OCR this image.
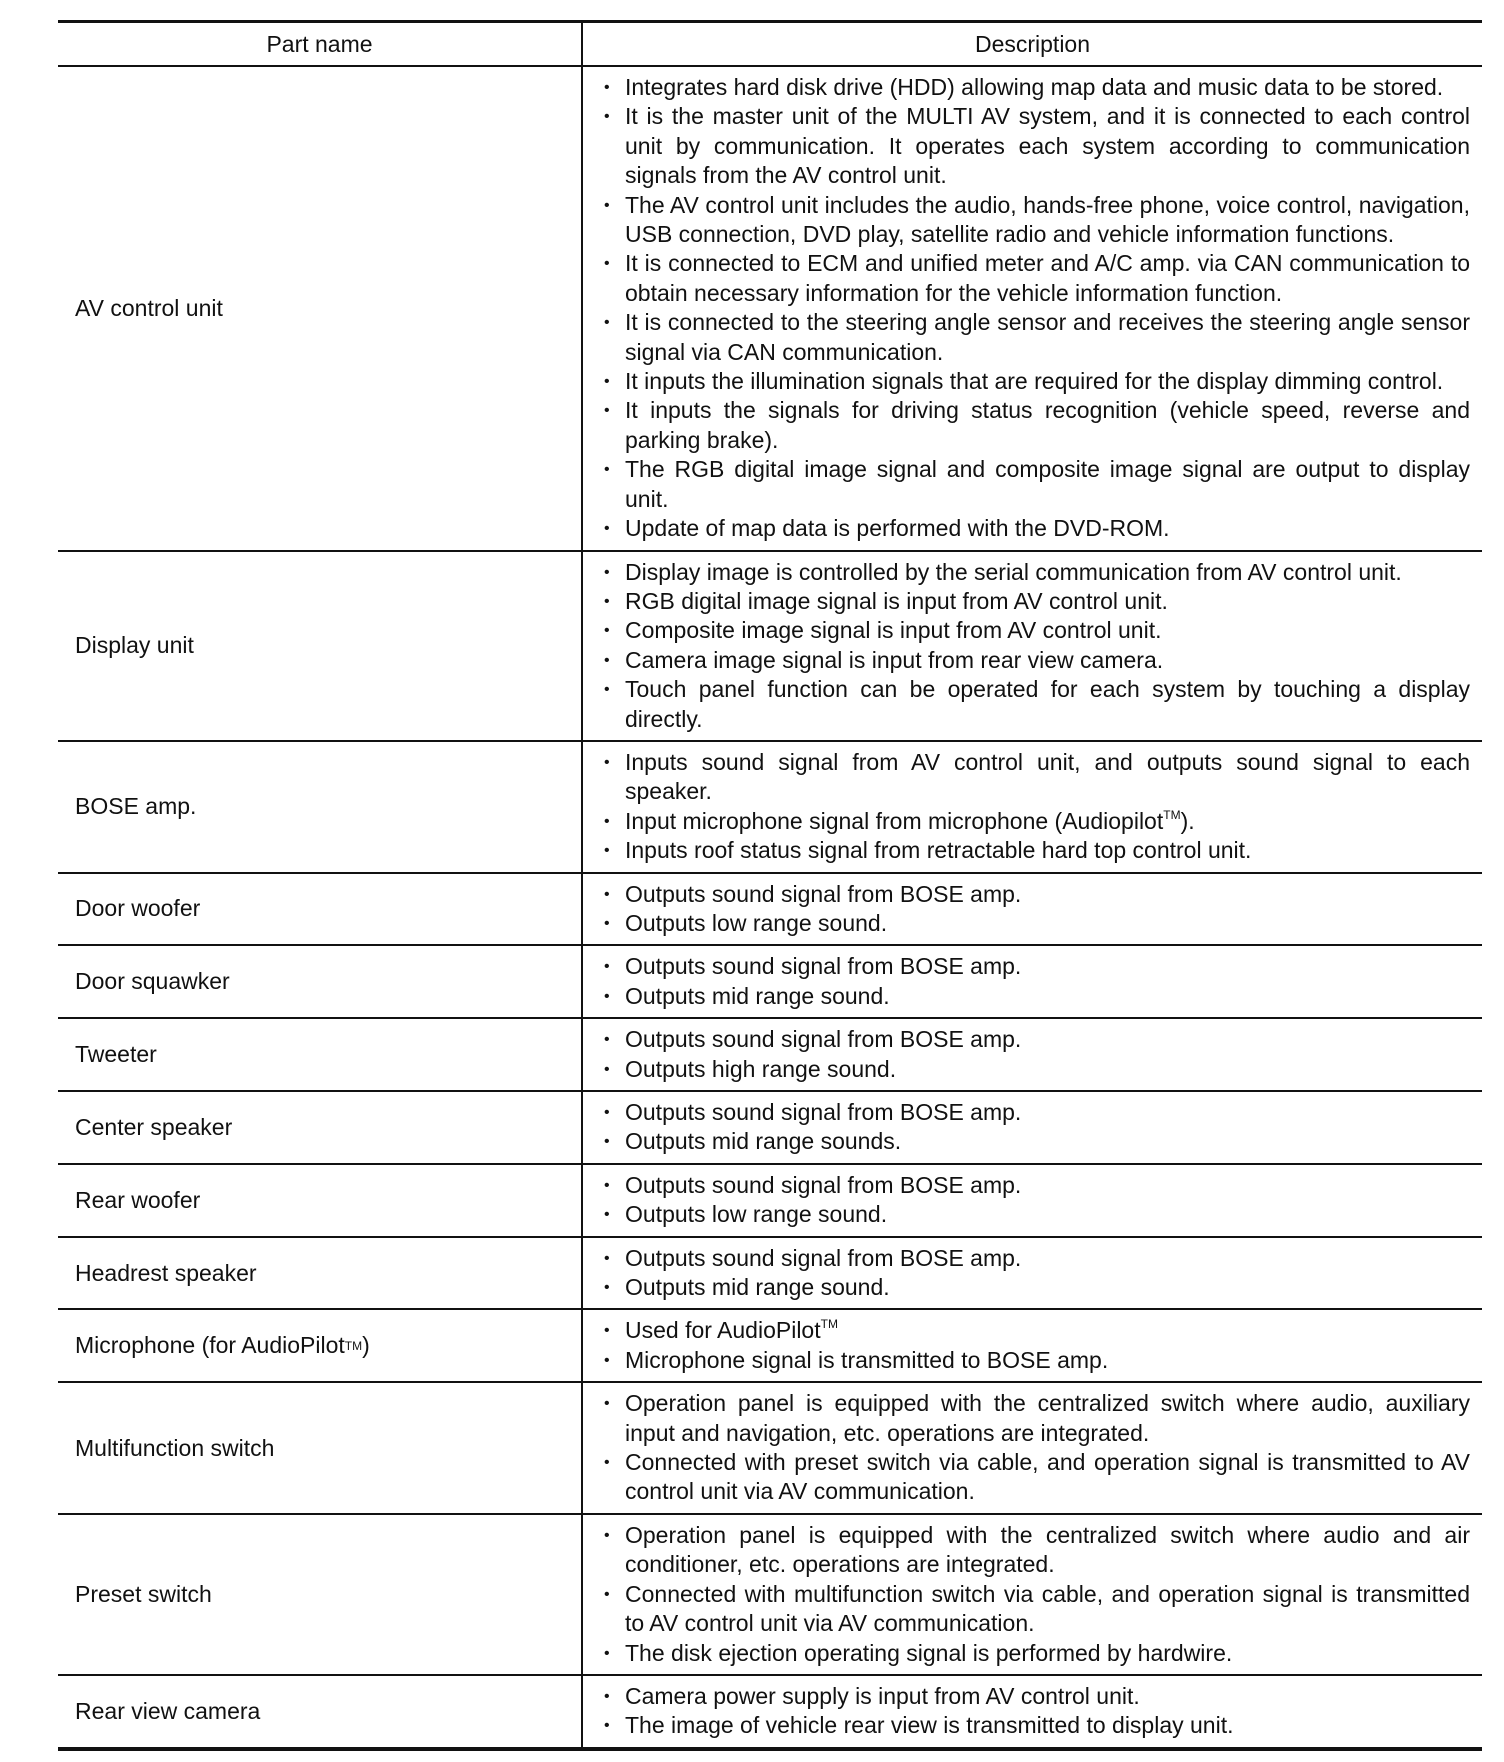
Part name	Description
AV control unit
• Integrates hard disk drive (HDD) allowing map data and music data to be stored.
• It is the master unit of the MULTI AV system, and it is connected to each control unit by communication. It operates each system according to communication signals from the AV control unit.
• The AV control unit includes the audio, hands-free phone, voice control, navigation, USB connection, DVD play, satellite radio and vehicle information functions.
• It is connected to ECM and unified meter and A/C amp. via CAN communication to obtain necessary information for the vehicle information function.
• It is connected to the steering angle sensor and receives the steering angle sensor signal via CAN communication.
• It inputs the illumination signals that are required for the display dimming control.
• It inputs the signals for driving status recognition (vehicle speed, reverse and parking brake).
• The RGB digital image signal and composite image signal are output to display unit.
• Update of map data is performed with the DVD-ROM.
Display unit
• Display image is controlled by the serial communication from AV control unit.
• RGB digital image signal is input from AV control unit.
• Composite image signal is input from AV control unit.
• Camera image signal is input from rear view camera.
• Touch panel function can be operated for each system by touching a display directly.
BOSE amp.
• Inputs sound signal from AV control unit, and outputs sound signal to each speaker.
• Input microphone signal from microphone (Audiopilot™).
• Inputs roof status signal from retractable hard top control unit.
Door woofer
• Outputs sound signal from BOSE amp.
• Outputs low range sound.
Door squawker
• Outputs sound signal from BOSE amp.
• Outputs mid range sound.
Tweeter
• Outputs sound signal from BOSE amp.
• Outputs high range sound.
Center speaker
• Outputs sound signal from BOSE amp.
• Outputs mid range sounds.
Rear woofer
• Outputs sound signal from BOSE amp.
• Outputs low range sound.
Headrest speaker
• Outputs sound signal from BOSE amp.
• Outputs mid range sound.
Microphone (for AudioPilot TM )
• Used for AudioPilot™
• Microphone signal is transmitted to BOSE amp.
Multifunction switch
• Operation panel is equipped with the centralized switch where audio, auxiliary input and navigation, etc. operations are integrated.
• Connected with preset switch via cable, and operation signal is transmitted to AV control unit via AV communication.
Preset switch
• Operation panel is equipped with the centralized switch where audio and air conditioner, etc. operations are integrated.
• Connected with multifunction switch via cable, and operation signal is transmitted to AV control unit via AV communication.
• The disk ejection operating signal is performed by hardwire.
Rear view camera
• Camera power supply is input from AV control unit.
• The image of vehicle rear view is transmitted to display unit.
